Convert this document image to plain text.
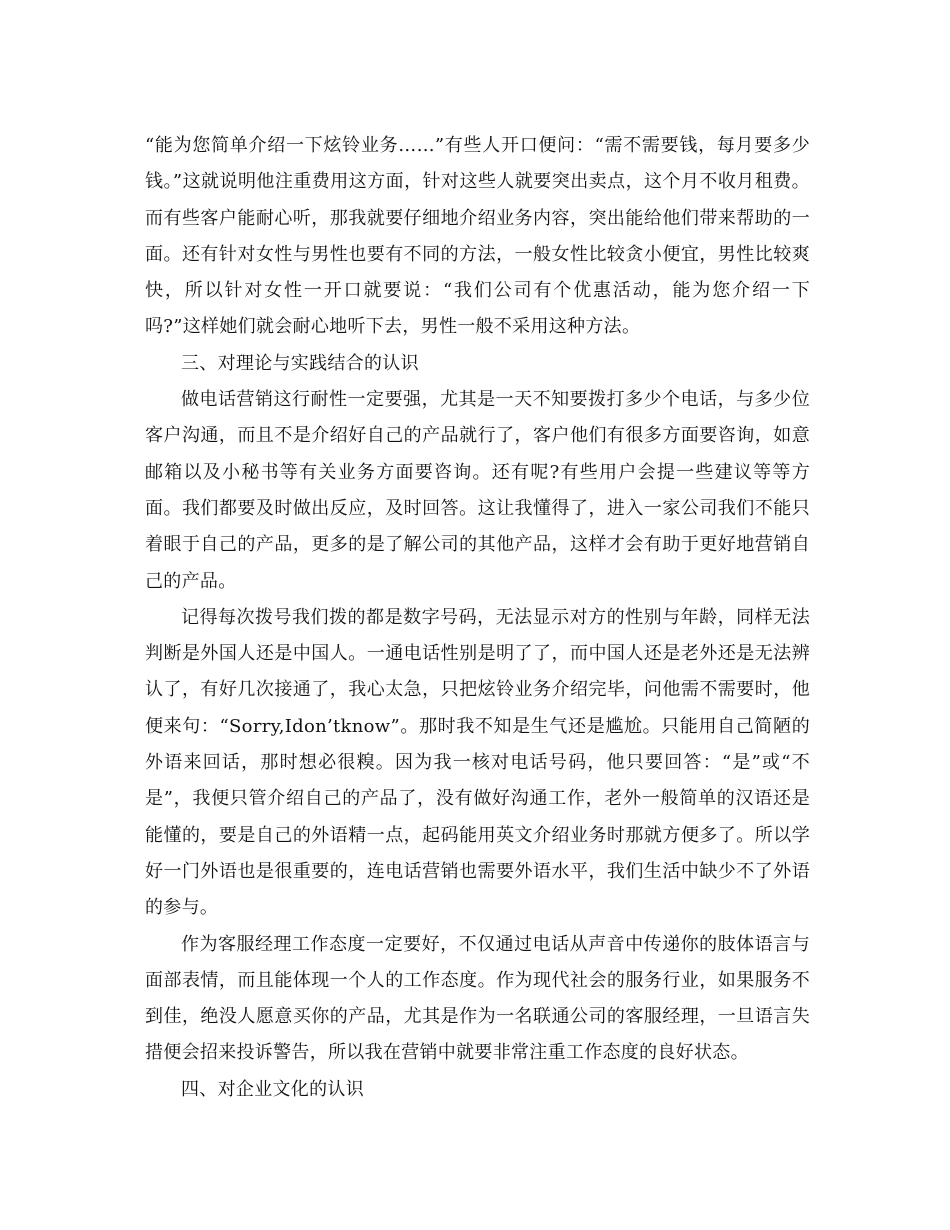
“能为您简单介绍一下炫铃业务……”有些人开口便问：“需不需要钱，每月要多少钱。”这就说明他注重费用这方面，针对这些人就要突出卖点，这个月不收月租费。而有些客户能耐心听，那我就要仔细地介绍业务内容，突出能给他们带来帮助的一面。还有针对女性与男性也要有不同的方法，一般女性比较贪小便宜，男性比较爽快，所以针对女性一开口就要说：“我们公司有个优惠活动，能为您介绍一下吗?”这样她们就会耐心地听下去，男性一般不采用这种方法。

三、对理论与实践结合的认识

做电话营销这行耐性一定要强，尤其是一天不知要拨打多少个电话，与多少位客户沟通，而且不是介绍好自己的产品就行了，客户他们有很多方面要咨询，如意邮箱以及小秘书等有关业务方面要咨询。还有呢?有些用户会提一些建议等等方面。我们都要及时做出反应，及时回答。这让我懂得了，进入一家公司我们不能只着眼于自己的产品，更多的是了解公司的其他产品，这样才会有助于更好地营销自己的产品。

记得每次拨号我们拨的都是数字号码，无法显示对方的性别与年龄，同样无法判断是外国人还是中国人。一通电话性别是明了了，而中国人还是老外还是无法辨认了，有好几次接通了，我心太急，只把炫铃业务介绍完毕，问他需不需要时，他便来句：“Sorry,Idon’tknow”。那时我不知是生气还是尴尬。只能用自己简陋的外语来回话，那时想必很糗。因为我一核对电话号码，他只要回答：“是”或“不是”，我便只管介绍自己的产品了，没有做好沟通工作，老外一般简单的汉语还是能懂的，要是自己的外语精一点，起码能用英文介绍业务时那就方便多了。所以学好一门外语也是很重要的，连电话营销也需要外语水平，我们生活中缺少不了外语的参与。

作为客服经理工作态度一定要好，不仅通过电话从声音中传递你的肢体语言与面部表情，而且能体现一个人的工作态度。作为现代社会的服务行业，如果服务不到佳，绝没人愿意买你的产品，尤其是作为一名联通公司的客服经理，一旦语言失措便会招来投诉警告，所以我在营销中就要非常注重工作态度的良好状态。

四、对企业文化的认识
